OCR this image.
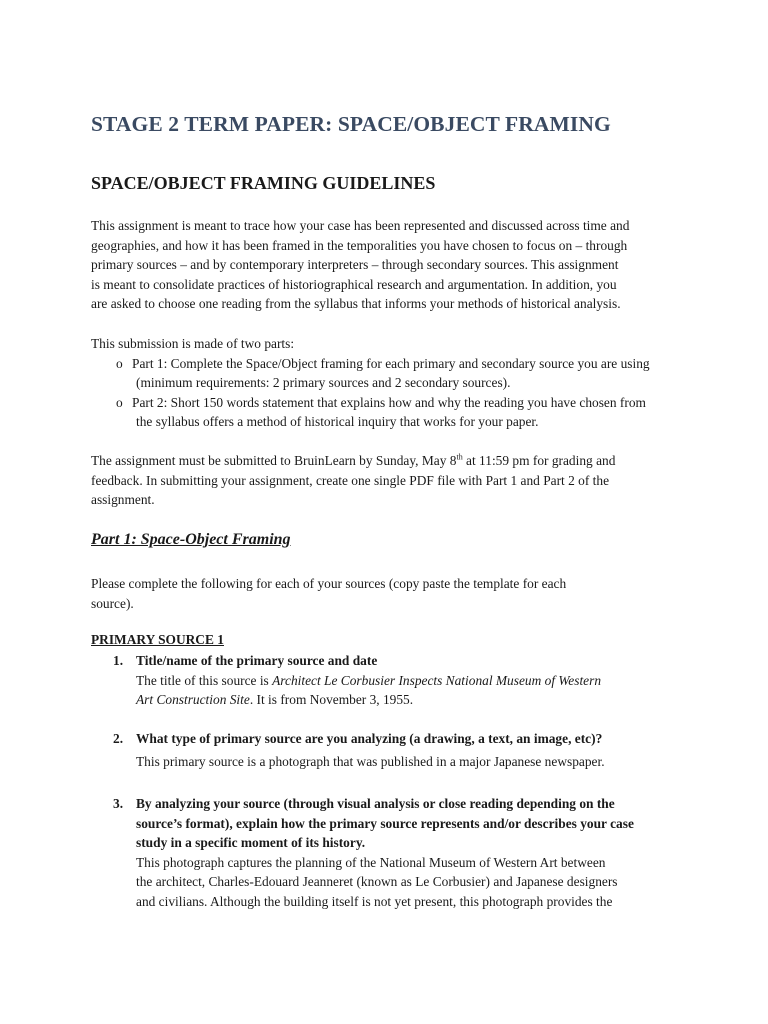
STAGE 2 TERM PAPER: SPACE/OBJECT FRAMING
SPACE/OBJECT FRAMING GUIDELINES
This assignment is meant to trace how your case has been represented and discussed across time and
geographies, and how it has been framed in the temporalities you have chosen to focus on – through
primary sources – and by contemporary interpreters – through secondary sources. This assignment
is meant to consolidate practices of historiographical research and argumentation. In addition, you
are asked to choose one reading from the syllabus that informs your methods of historical analysis.
This submission is made of two parts:
o Part 1: Complete the Space/Object framing for each primary and secondary source you are using
(minimum requirements: 2 primary sources and 2 secondary sources).
o Part 2: Short 150 words statement that explains how and why the reading you have chosen from
the syllabus offers a method of historical inquiry that works for your paper.
The assignment must be submitted to BruinLearn by Sunday, May 8th at 11:59 pm for grading and
feedback. In submitting your assignment, create one single PDF file with Part 1 and Part 2 of the
assignment.
Part 1: Space-Object Framing
Please complete the following for each of your sources (copy paste the template for each
source).
PRIMARY SOURCE 1
1. Title/name of the primary source and date
The title of this source is Architect Le Corbusier Inspects National Museum of Western
Art Construction Site. It is from November 3, 1955.
2. What type of primary source are you analyzing (a drawing, a text, an image, etc)?
This primary source is a photograph that was published in a major Japanese newspaper.
3. By analyzing your source (through visual analysis or close reading depending on the
source’s format), explain how the primary source represents and/or describes your case
study in a specific moment of its history.
This photograph captures the planning of the National Museum of Western Art between
the architect, Charles-Edouard Jeanneret (known as Le Corbusier) and Japanese designers
and civilians. Although the building itself is not yet present, this photograph provides the
